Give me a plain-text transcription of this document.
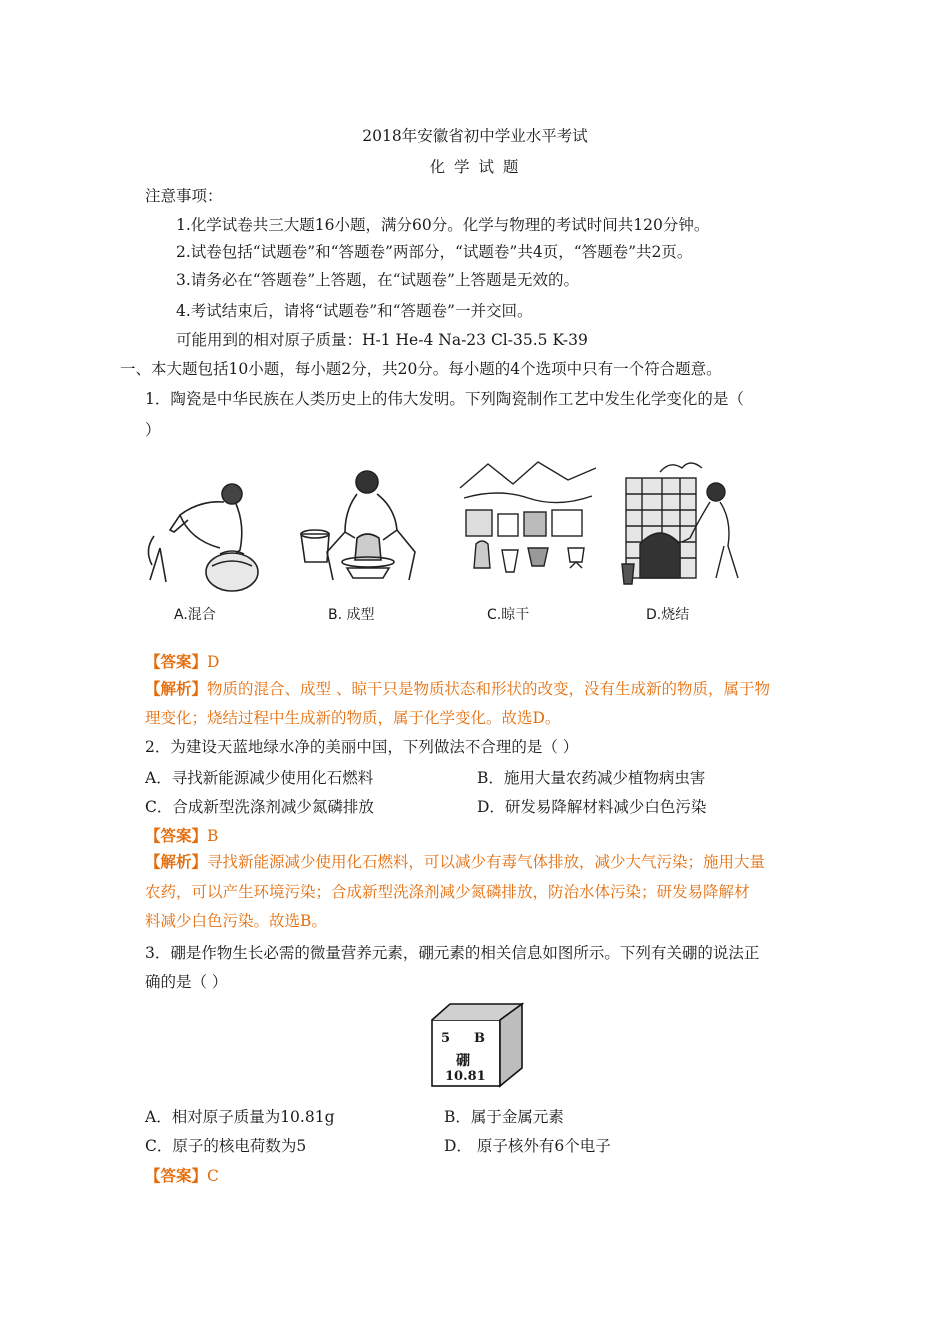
2018年安徽省初中学业水平考试
化 学 试 题
注意事项：
1.化学试卷共三大题16小题，满分60分。化学与物理的考试时间共120分钟。
2.试卷包括“试题卷”和“答题卷”两部分，“试题卷”共4页，“答题卷”共2页。
3.请务必在“答题卷”上答题，在“试题卷”上答题是无效的。
4.考试结束后，请将“试题卷”和“答题卷”一并交回。
可能用到的相对原子质量：H-1 He-4 Na-23 Cl-35.5 K-39
一、本大题包括10小题，每小题2分，共20分。每小题的4个选项中只有一个符合题意。
1．陶瓷是中华民族在人类历史上的伟大发明。下列陶瓷制作工艺中发生化学变化的是（
）
A.混合	B. 成型	C.晾干	D.烧结
【答案】D
【解析】物质的混合、成型 、晾干只是物质状态和形状的改变，没有生成新的物质，属于物
理变化；烧结过程中生成新的物质，属于化学变化。故选D。
2．为建设天蓝地绿水净的美丽中国，下列做法不合理的是（ ）
A．寻找新能源减少使用化石燃料	B．施用大量农药减少植物病虫害
C．合成新型洗涤剂减少氮磷排放	D．研发易降解材料减少白色污染
【答案】B
【解析】寻找新能源减少使用化石燃料，可以减少有毒气体排放，减少大气污染；施用大量
农药，可以产生环境污染；合成新型洗涤剂减少氮磷排放，防治水体污染；研发易降解材
料减少白色污染。故选B。
3．硼是作物生长必需的微量营养元素，硼元素的相关信息如图所示。下列有关硼的说法正
确的是（ ）
5 B
硼
10.81
A．相对原子质量为10.81g	B．属于金属元素
C．原子的核电荷数为5	D． 原子核外有6个电子
【答案】C
